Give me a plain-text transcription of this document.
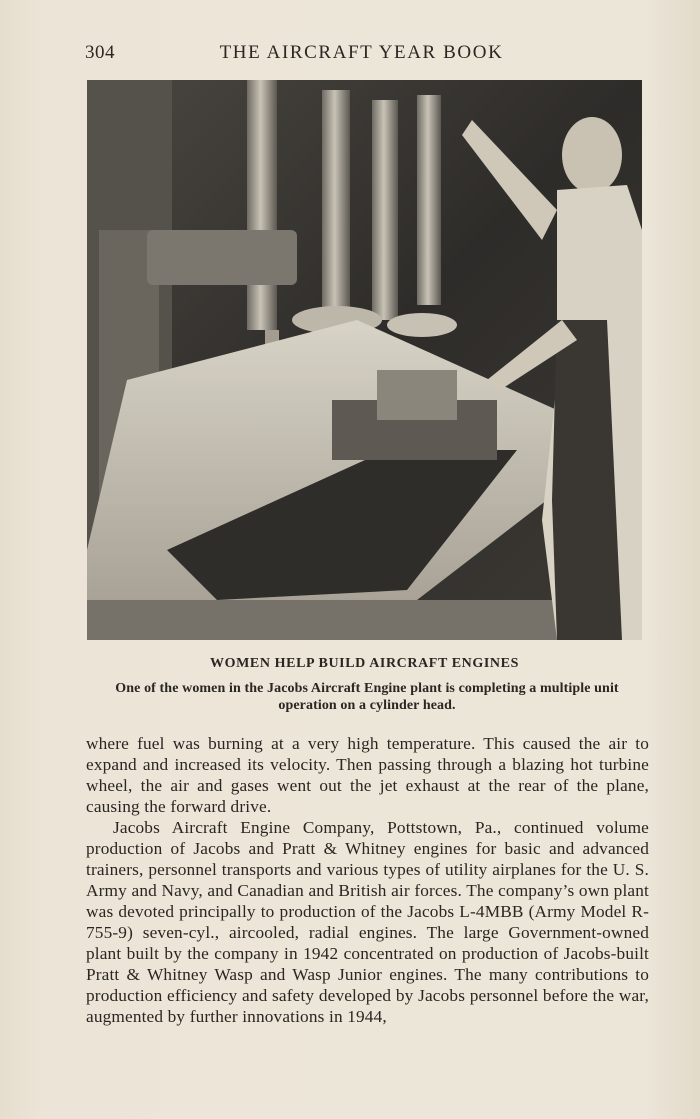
304	THE AIRCRAFT YEAR BOOK
WOMEN HELP BUILD AIRCRAFT ENGINES
One of the women in the Jacobs Aircraft Engine plant is completing a multiple unit operation on a cylinder head.

where fuel was burning at a very high temperature. This caused the air to expand and increased its velocity. Then passing through a blazing hot turbine wheel, the air and gases went out the jet exhaust at the rear of the plane, causing the forward drive.

Jacobs Aircraft Engine Company, Pottstown, Pa., continued volume production of Jacobs and Pratt & Whitney engines for basic and advanced trainers, personnel transports and various types of utility airplanes for the U. S. Army and Navy, and Canadian and British air forces. The company’s own plant was devoted principally to production of the Jacobs L-4MBB (Army Model R-755-9) seven-cyl., aircooled, radial engines. The large Government-owned plant built by the company in 1942 concentrated on production of Jacobs-built Pratt & Whitney Wasp and Wasp Junior engines. The many contributions to production efficiency and safety developed by Jacobs personnel before the war, augmented by further innovations in 1944,
